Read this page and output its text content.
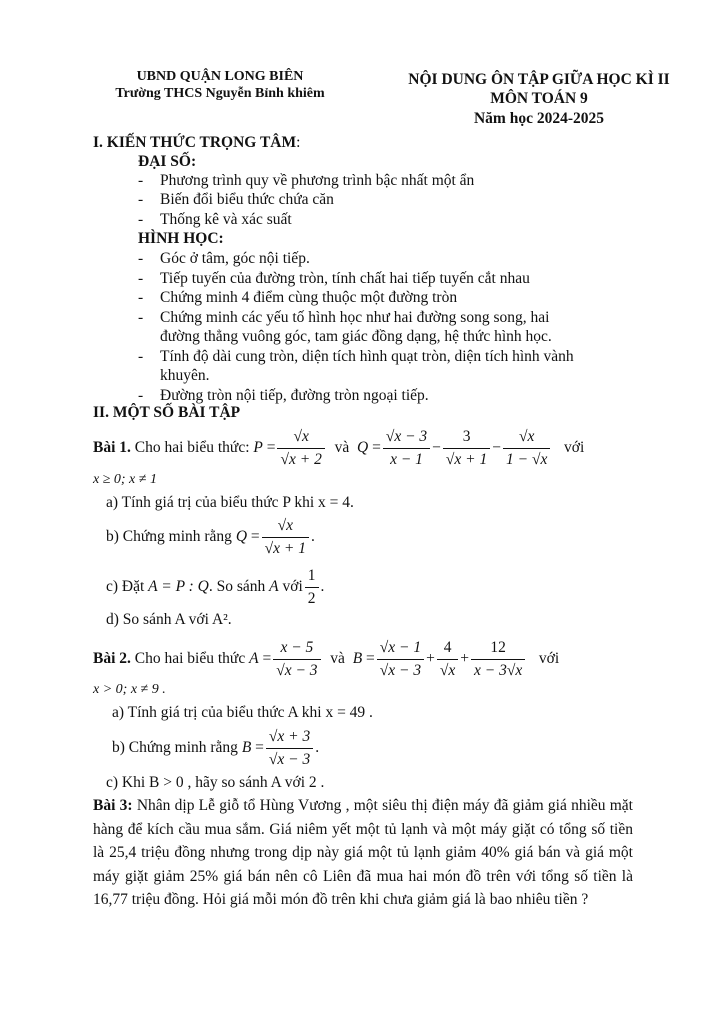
UBND QUẬN LONG BIÊN
Trường THCS Nguyễn Bỉnh khiêm
NỘI DUNG ÔN TẬP GIỮA HỌC KÌ II
MÔN TOÁN 9
Năm học 2024-2025
I. KIẾN THỨC TRỌNG TÂM:
ĐẠI SỐ:
- Phương trình quy về phương trình bậc nhất một ẩn
- Biến đổi biểu thức chứa căn
- Thống kê và xác suất
HÌNH HỌC:
- Góc ở tâm, góc nội tiếp.
- Tiếp tuyến của đường tròn, tính chất hai tiếp tuyến cắt nhau
- Chứng minh 4 điểm cùng thuộc một đường tròn
- Chứng minh các yếu tố hình học như hai đường song song, hai
đường thẳng vuông góc, tam giác đồng dạng, hệ thức hình học.
- Tính độ dài cung tròn, diện tích hình quạt tròn, diện tích hình vành
khuyên.
- Đường tròn nội tiếp, đường tròn ngoại tiếp.
II. MỘT SỐ BÀI TẬP
Bài 1.
Cho hai biểu thức:
P
= $\frac{√x}{√x + 2}$
và
Q
= $\frac{√x - 3}{x - 1} - \frac{3}{√x + 1} - \frac{√x}{1 - √x}$
với
x ≥ 0; x ≠ 1
a) Tính giá trị của biểu thức P khi x = 4.
b) Chứng minh rằng
Q
= $\frac{√x}{√x + 1}$ .
c) Đặt
A = P : Q . So sánh
A
với $\frac{1}{2}$ .
d) So sánh A với A².
Bài 2.
Cho hai biểu thức
A
= $\frac{x - 5}{√x - 3}$
và
B
= $\frac{√x - 1}{√x - 3} + \frac{4}{√x} + \frac{12}{x - 3√x}$
với
x > 0; x ≠ 9 .
a) Tính giá trị của biểu thức A khi x = 49 .
b) Chứng minh rằng
B
= $\frac{√x + 3}{√x - 3}$ .
c) Khi B > 0 , hãy so sánh A với 2 .
Bài 3: Nhân dịp Lễ giỗ tổ Hùng Vương , một siêu thị điện máy đã giảm giá nhiều mặt hàng để kích cầu mua sắm. Giá niêm yết một tủ lạnh và một máy giặt có tổng số tiền là 25,4 triệu đồng nhưng trong dịp này giá một tủ lạnh giảm 40% giá bán và giá một máy giặt giảm 25% giá bán nên cô Liên đã mua hai món đồ trên với tổng số tiền là 16,77 triệu đồng. Hỏi giá mỗi món đồ trên khi chưa giảm giá là bao nhiêu tiền ?
